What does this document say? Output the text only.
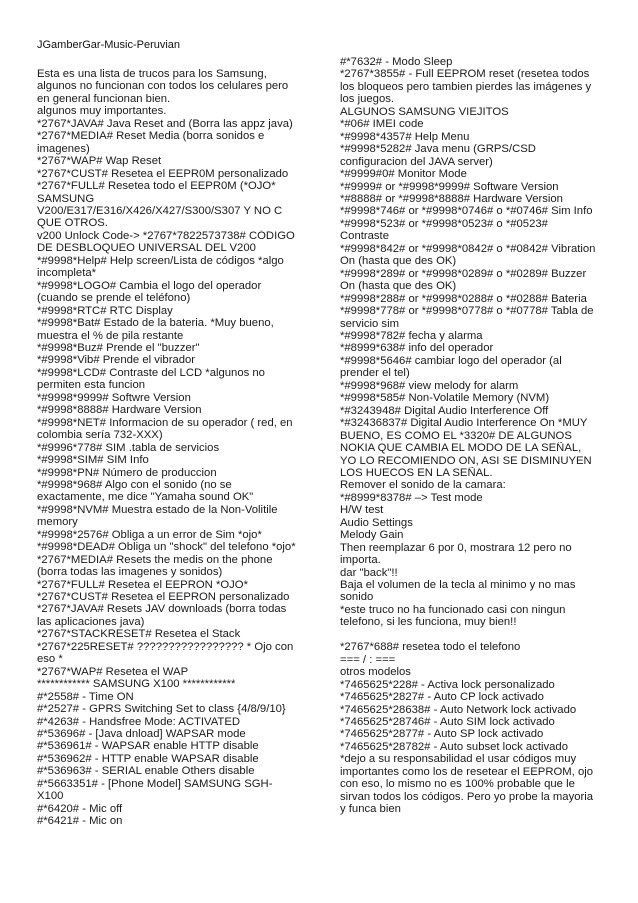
JGamberGar-Music-Peruvian
Esta es una lista de trucos para los Samsung,
algunos no funcionan con todos los celulares pero
en general funcionan bien.
algunos muy importantes.
*2767*JAVA# Java Reset and (Borra las appz java)
*2767*MEDIA# Reset Media (borra sonidos e
imagenes)
*2767*WAP# Wap Reset
*2767*CUST# Resetea el EEPR0M personalizado
*2767*FULL# Resetea todo el EEPR0M (*OJO*
SAMSUNG
V200/E317/E316/X426/X427/S300/S307 Y NO C
QUE OTROS.
v200 Unlock Code-> *2767*7822573738# CÓDIGO
DE DESBLOQUEO UNIVERSAL DEL V200
*#9998*Help# Help screen/Lista de códigos *algo
incompleta*
*#9998*LOGO# Cambia el logo del operador
(cuando se prende el teléfono)
*#9998*RTC# RTC Display
*#9998*Bat# Estado de la bateria. *Muy bueno,
muestra el % de pila restante
*#9998*Buz# Prende el "buzzer"
*#9998*Vib# Prende el vibrador
*#9998*LCD# Contraste del LCD *algunos no
permiten esta funcion
*#9998*9999# Softwre Version
*#9998*8888# Hardware Version
*#9998*NET# Informacion de su operador ( red, en
colombia sería 732-XXX)
*#9996*778# SIM .tabla de servicios
*#9998*SIM# SIM Info
*#9998*PN# Número de produccion
*#9998*968# Algo con el sonido (no se
exactamente, me dice "Yamaha sound OK"
*#9998*NVM# Muestra estado de la Non-Volitile
memory
*#9998*2576# Obliga a un error de Sim *ojo*
*#9998*DEAD# Obliga un "shock" del telefono *ojo*
*2767*MEDIA# Resets the medis on the phone
(borra todas las imagenes y sonidos)
*2767*FULL# Resetea el EEPRON *OJO*
*2767*CUST# Resetea el EEPRON personalizado
*2767*JAVA# Resets JAV downloads (borra todas
las aplicaciones java)
*2767*STACKRESET# Resetea el Stack
*2767*225RESET# ????????????????? * Ojo con
eso *
*2767*WAP# Resetea el WAP
************ SAMSUNG X100 ************
#*2558# - Time ON
#*2527# - GPRS Switching Set to class {4/8/9/10}
#*4263# - Handsfree Mode: ACTIVATED
#*53696# - [Java dnload] WAPSAR mode
#*536961# - WAPSAR enable HTTP disable
#*536962# - HTTP enable WAPSAR disable
#*536963# - SERIAL enable Others disable
#*5663351# - [Phone Model] SAMSUNG SGH-
X100
#*6420# - Mic off
#*6421# - Mic on
#*7632# - Modo Sleep
*2767*3855# - Full EEPROM reset (resetea todos
los bloqueos pero tambien pierdes las imágenes y
los juegos.
ALGUNOS SAMSUNG VIEJITOS
*#06# IMEI code
*#9998*4357# Help Menu
*#9998*5282# Java menu (GRPS/CSD
configuracion del JAVA server)
*#9999#0# Monitor Mode
*#9999# or *#9998*9999# Software Version
*#8888# or *#9998*8888# Hardware Version
*#9998*746# or *#9998*0746# o *#0746# Sim Info
*#9998*523# or *#9998*0523# o *#0523#
Contraste
*#9998*842# or *#9998*0842# o *#0842# Vibration
On (hasta que des OK)
*#9998*289# or *#9998*0289# o *#0289# Buzzer
On (hasta que des OK)
*#9998*288# or *#9998*0288# o *#0288# Bateria
*#9998*778# or *#9998*0778# o *#0778# Tabla de
servicio sim
*#9998*782# fecha y alarma
*#8999*638# info del operador
*#9998*5646# cambiar logo del operador (al
prender el tel)
*#9998*968# view melody for alarm
*#9998*585# Non-Volatile Memory (NVM)
*#3243948# Digital Audio Interference Off
*#32436837# Digital Audio Interference On *MUY
BUENO, ES COMO EL *3320# DE ALGUNOS
NOKIA QUE CAMBIA EL MODO DE LA SEÑAL,
YO LO RECOMIENDO ON, ASI SE DISMINUYEN
LOS HUECOS EN LA SEÑAL.
Remover el sonido de la camara:
*#8999*8378# –> Test mode
H/W test
Audio Settings
Melody Gain
Then reemplazar 6 por 0, mostrara 12 pero no
importa.
dar "back"!!
Baja el volumen de la tecla al minimo y no mas
sonido
*este truco no ha funcionado casi con ningun
telefono, si les funciona, muy bien!!
*2767*688# resetea todo el telefono
=== / : ===
otros modelos
*7465625*228# - Activa lock personalizado
*7465625*2827# - Auto CP lock activado
*7465625*28638# - Auto Network lock activado
*7465625*28746# - Auto SIM lock activado
*7465625*2877# - Auto SP lock activado
*7465625*28782# - Auto subset lock activado
*dejo a su responsabilidad el usar códigos muy
importantes como los de resetear el EEPROM, ojo
con eso, lo mismo no es 100% probable que le
sirvan todos los códigos. Pero yo probe la mayoria
y funca bien
